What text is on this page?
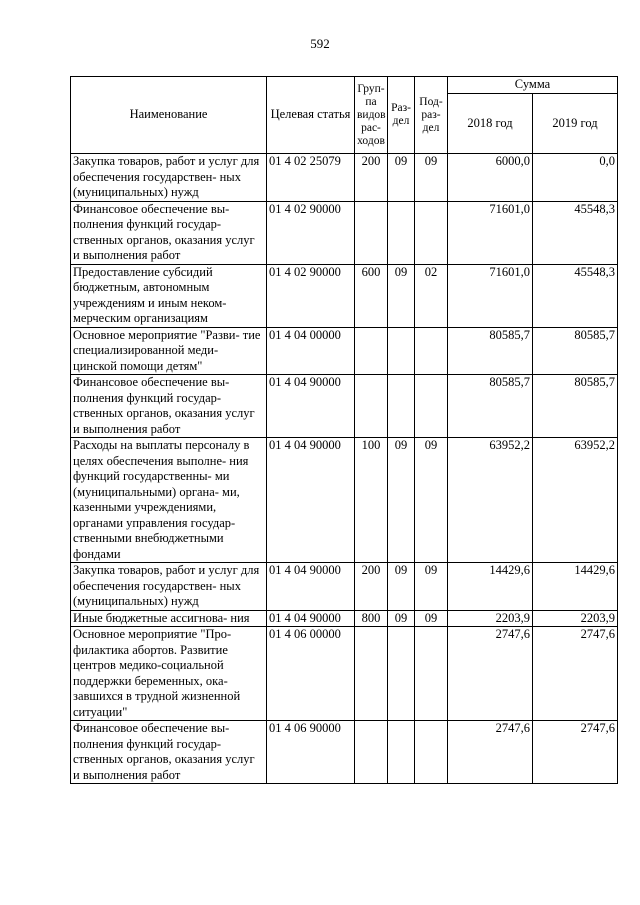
592
Наименование	Целевая статья	Груп- па видов рас- ходов	Раз- дел	Под- раз- дел	Сумма	
					2018 год	2019 год
Закупка товаров, работ и услуг для обеспечения государствен- ных (муниципальных) нужд	01 4 02 25079	200	09	09	6000,0	0,0
Финансовое обеспечение вы- полнения функций государ- ственных органов, оказания услуг и выполнения работ	01 4 02 90000				71601,0	45548,3
Предоставление субсидий бюджетным, автономным учреждениям и иным неком- мерческим организациям	01 4 02 90000	600	09	02	71601,0	45548,3
Основное мероприятие "Разви- тие специализированной меди- цинской помощи детям"	01 4 04 00000				80585,7	80585,7
Финансовое обеспечение вы- полнения функций государ- ственных органов, оказания услуг и выполнения работ	01 4 04 90000				80585,7	80585,7
Расходы на выплаты персоналу в целях обеспечения выполне- ния функций государственны- ми (муниципальными) органа- ми, казенными учреждениями, органами управления государ- ственными внебюджетными фондами	01 4 04 90000	100	09	09	63952,2	63952,2
Закупка товаров, работ и услуг для обеспечения государствен- ных (муниципальных) нужд	01 4 04 90000	200	09	09	14429,6	14429,6
Иные бюджетные ассигнова- ния	01 4 04 90000	800	09	09	2203,9	2203,9
Основное мероприятие "Про- филактика абортов. Развитие центров медико-социальной поддержки беременных, ока- завшихся в трудной жизненной ситуации"	01 4 06 00000				2747,6	2747,6
Финансовое обеспечение вы- полнения функций государ- ственных органов, оказания услуг и выполнения работ	01 4 06 90000				2747,6	2747,6
